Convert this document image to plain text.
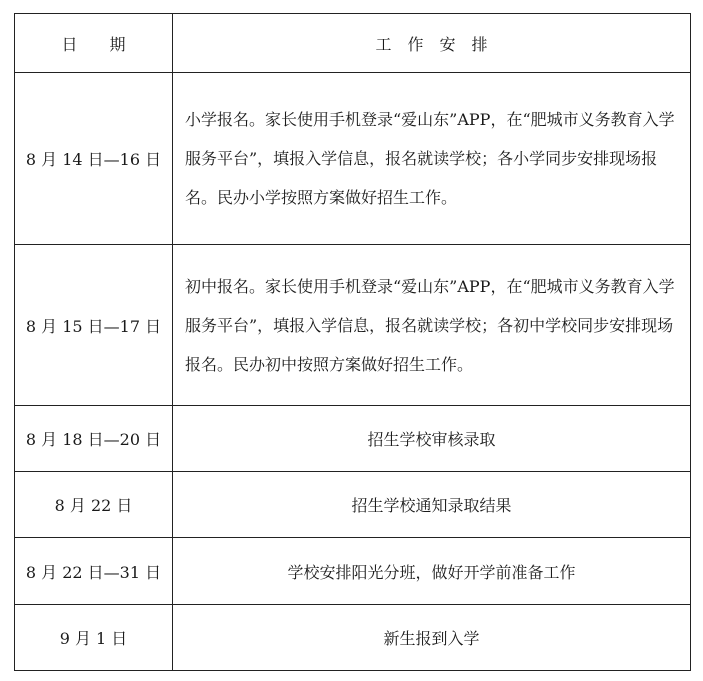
日　　期	工　作　安　排
8 月 14 日—16 日	小学报名。家长使用手机登录“爱山东”APP，在“肥城市义务教育入学服务平台”，填报入学信息，报名就读学校；各小学同步安排现场报名。民办小学按照方案做好招生工作。
8 月 15 日—17 日	初中报名。家长使用手机登录“爱山东”APP，在“肥城市义务教育入学服务平台”，填报入学信息，报名就读学校；各初中学校同步安排现场报名。民办初中按照方案做好招生工作。
8 月 18 日—20 日	招生学校审核录取
8 月 22 日	招生学校通知录取结果
8 月 22 日—31 日	学校安排阳光分班，做好开学前准备工作
9 月 1 日	新生报到入学
